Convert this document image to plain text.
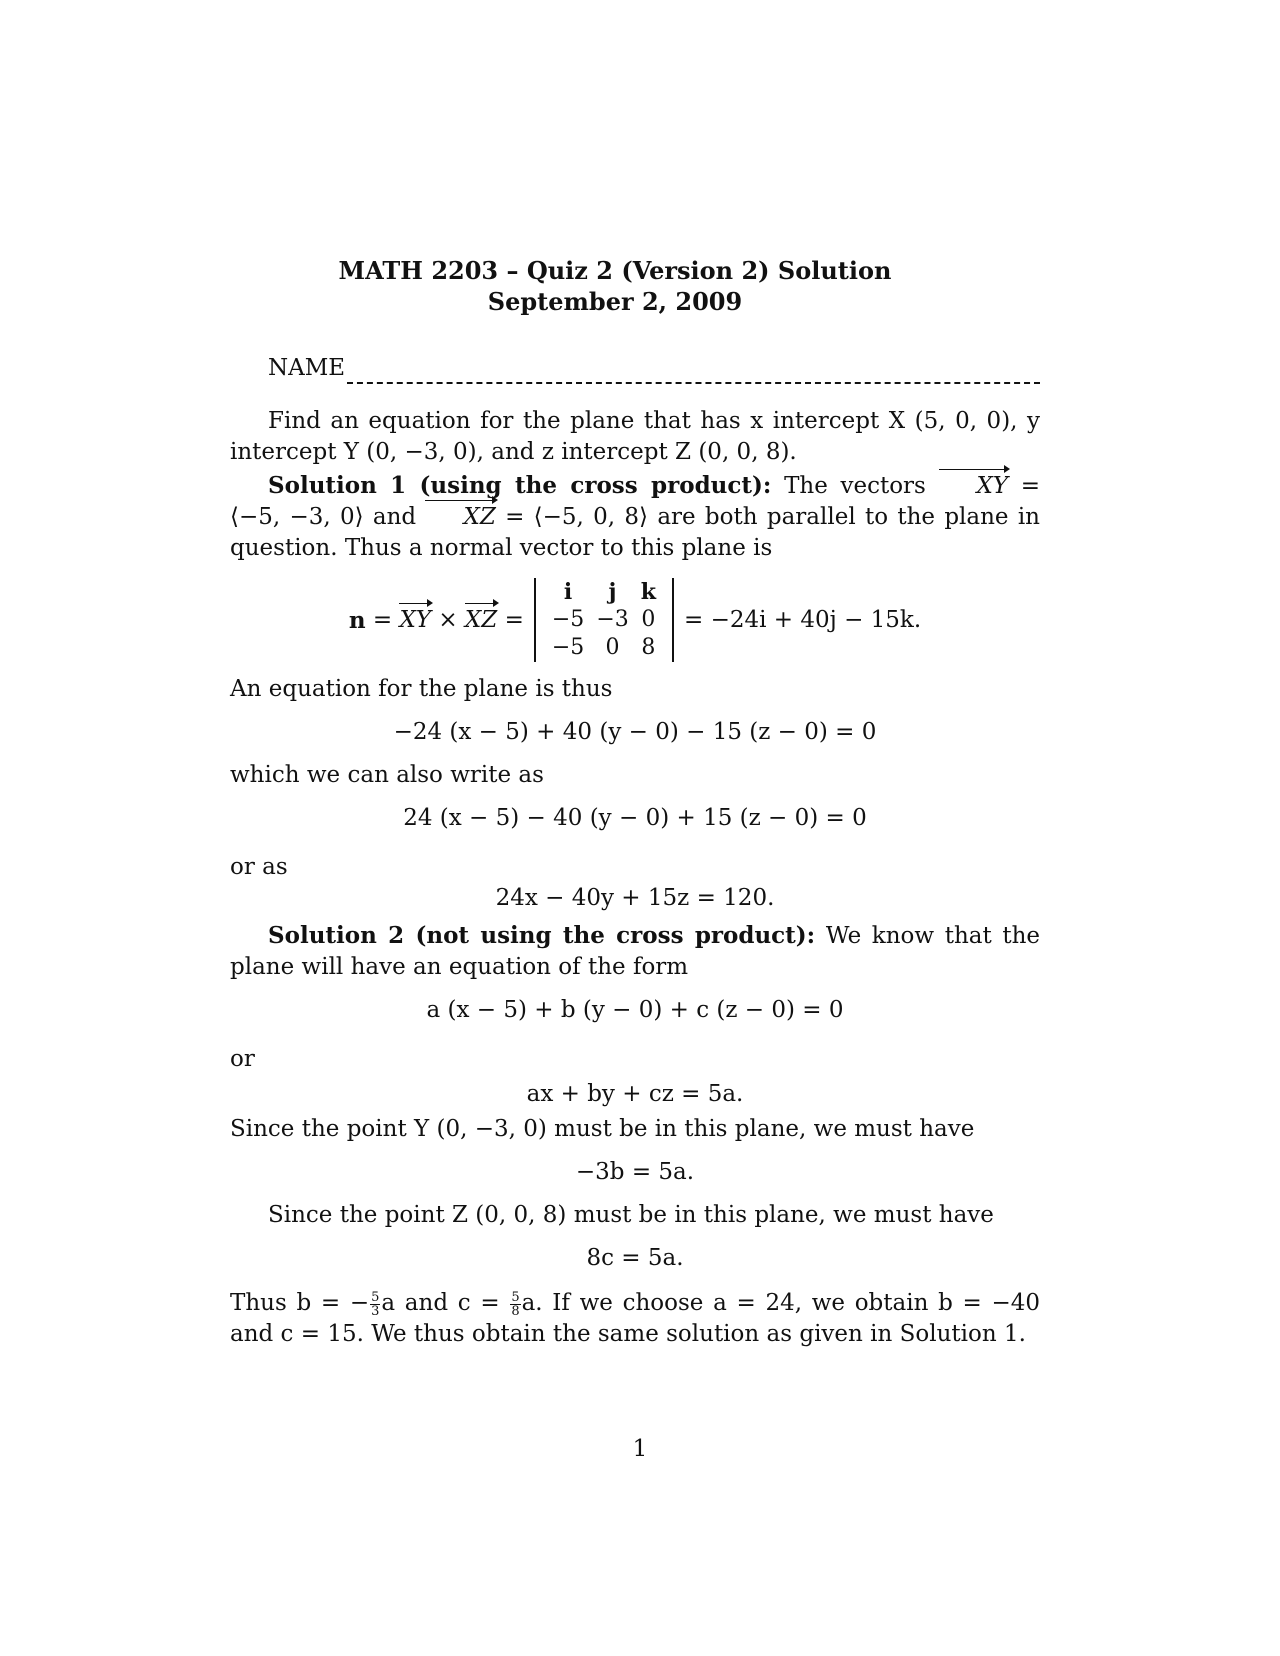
MATH 2203 – Quiz 2 (Version 2) Solution
September 2, 2009
NAME

Find an equation for the plane that has x intercept X (5, 0, 0), y intercept Y (0, −3, 0), and z intercept Z (0, 0, 8).

Solution 1 (using the cross product): The vectors XY = ⟨−5, −3, 0⟩ and XZ = ⟨−5, 0, 8⟩ are both parallel to the plane in question. Thus a normal vector to this plane is

n
=
XY
×
XZ
=
i	j	k
−5	−3	0
−5	0	8
= −24i + 40j − 15k.

An equation for the plane is thus

−24 (x − 5) + 40 (y − 0) − 15 (z − 0) = 0

which we can also write as

24 (x − 5) − 40 (y − 0) + 15 (z − 0) = 0

or as

24x − 40y + 15z = 120.

Solution 2 (not using the cross product): We know that the plane will have an equation of the form

a (x − 5) + b (y − 0) + c (z − 0) = 0

or

ax + by + cz = 5a.

Since the point Y (0, −3, 0) must be in this plane, we must have

−3b = 5a.

Since the point Z (0, 0, 8) must be in this plane, we must have

8c = 5a.

Thus b = − $\frac{5}{3}$ a and $c = \frac{5}{8} a$. If we choose a = 24, we obtain b = −40 and c = 15. We thus obtain the same solution as given in Solution 1.

1
